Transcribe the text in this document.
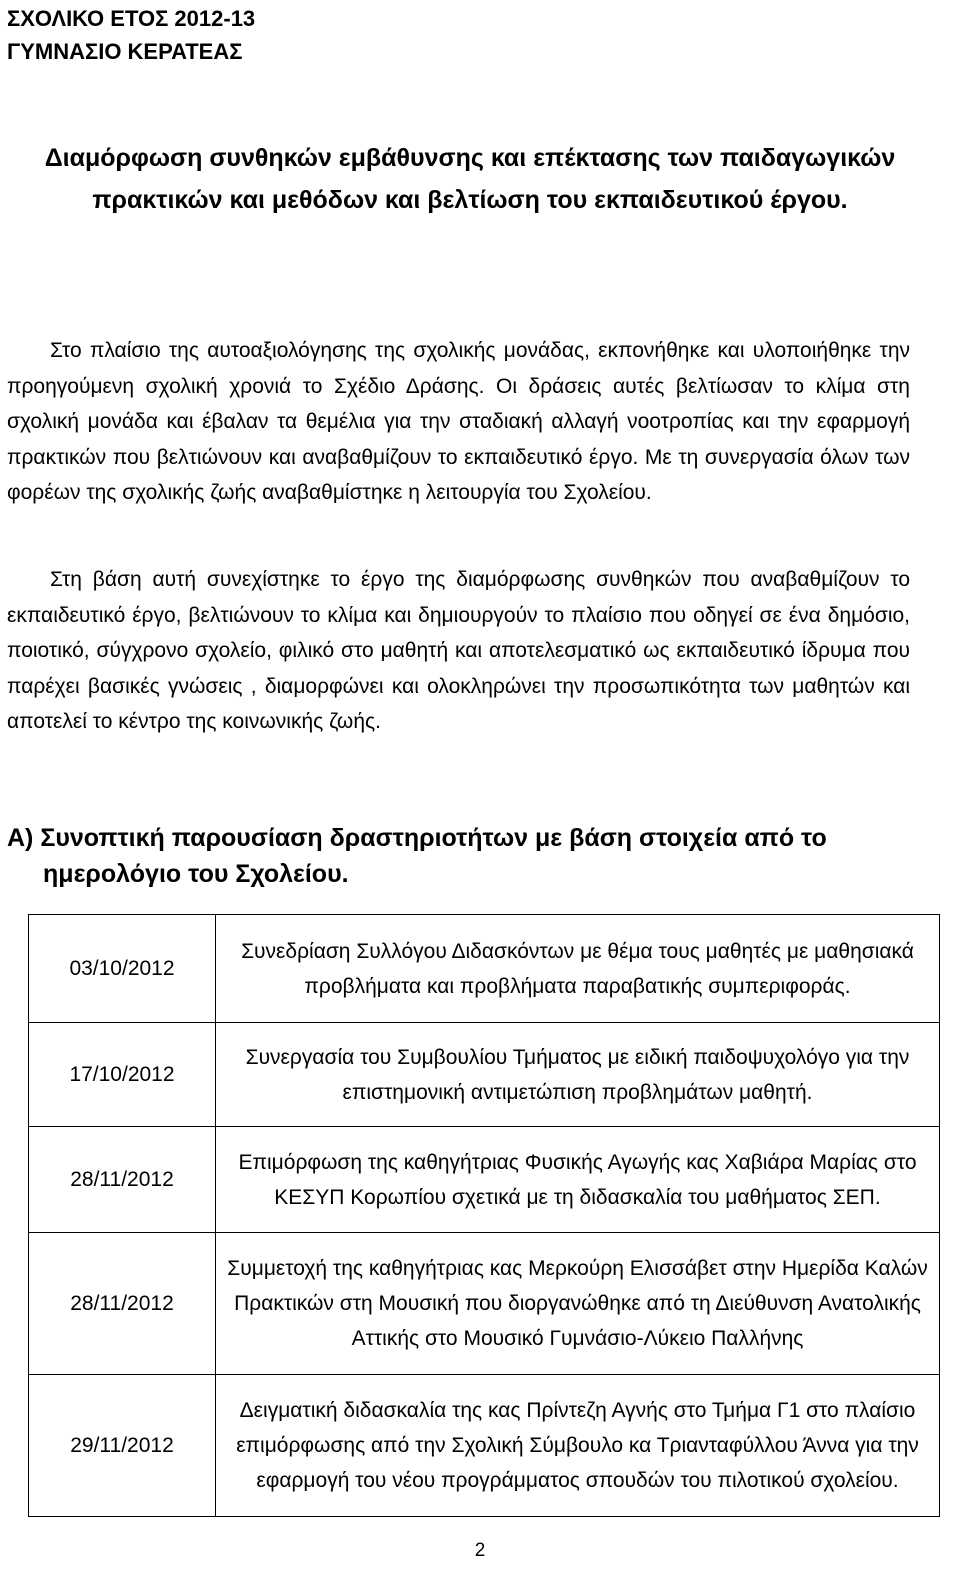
ΣΧΟΛΙΚΟ ΕΤΟΣ 2012-13
ΓΥΜΝΑΣΙΟ ΚΕΡΑΤΕΑΣ
Διαμόρφωση συνθηκών εμβάθυνσης και επέκτασης των παιδαγωγικών πρακτικών και μεθόδων και βελτίωση του εκπαιδευτικού έργου.
Στο πλαίσιο της αυτοαξιολόγησης της σχολικής μονάδας, εκπονήθηκε και υλοποιήθηκε την προηγούμενη σχολική χρονιά το Σχέδιο Δράσης. Οι δράσεις αυτές βελτίωσαν το κλίμα στη σχολική μονάδα και έβαλαν τα θεμέλια για την σταδιακή αλλαγή νοοτροπίας και την εφαρμογή πρακτικών που βελτιώνουν και αναβαθμίζουν το εκπαιδευτικό έργο. Με τη συνεργασία όλων των φορέων της σχολικής ζωής αναβαθμίστηκε η λειτουργία του Σχολείου.
Στη βάση αυτή συνεχίστηκε το έργο της διαμόρφωσης συνθηκών που αναβαθμίζουν το εκπαιδευτικό έργο, βελτιώνουν το κλίμα και δημιουργούν το πλαίσιο που οδηγεί σε ένα δημόσιο, ποιοτικό, σύγχρονο σχολείο, φιλικό στο μαθητή και αποτελεσματικό ως εκπαιδευτικό ίδρυμα που παρέχει βασικές γνώσεις , διαμορφώνει και ολοκληρώνει την προσωπικότητα των μαθητών και αποτελεί το κέντρο της κοινωνικής ζωής.
Α) Συνοπτική παρουσίαση δραστηριοτήτων με βάση στοιχεία από το ημερολόγιο του Σχολείου.
03/10/2012	Συνεδρίαση Συλλόγου Διδασκόντων με θέμα τους μαθητές με μαθησιακά προβλήματα και προβλήματα παραβατικής συμπεριφοράς.
17/10/2012	Συνεργασία του Συμβουλίου Τμήματος με ειδική παιδοψυχολόγο για την επιστημονική αντιμετώπιση προβλημάτων μαθητή.
28/11/2012	Επιμόρφωση της καθηγήτριας Φυσικής Αγωγής κας Χαβιάρα Μαρίας στο ΚΕΣΥΠ Κορωπίου σχετικά με τη διδασκαλία του μαθήματος ΣΕΠ.
28/11/2012	Συμμετοχή της καθηγήτριας κας Μερκούρη Ελισσάβετ στην Ημερίδα Καλών Πρακτικών στη Μουσική που διοργανώθηκε από τη Διεύθυνση Ανατολικής Αττικής στο Μουσικό Γυμνάσιο-Λύκειο Παλλήνης
29/11/2012	Δειγματική διδασκαλία της κας Πρίντεζη Αγνής στο Τμήμα Γ1 στο πλαίσιο επιμόρφωσης από την Σχολική Σύμβουλο κα Τριανταφύλλου Άννα για την εφαρμογή του νέου προγράμματος σπουδών του πιλοτικού σχολείου.
2
